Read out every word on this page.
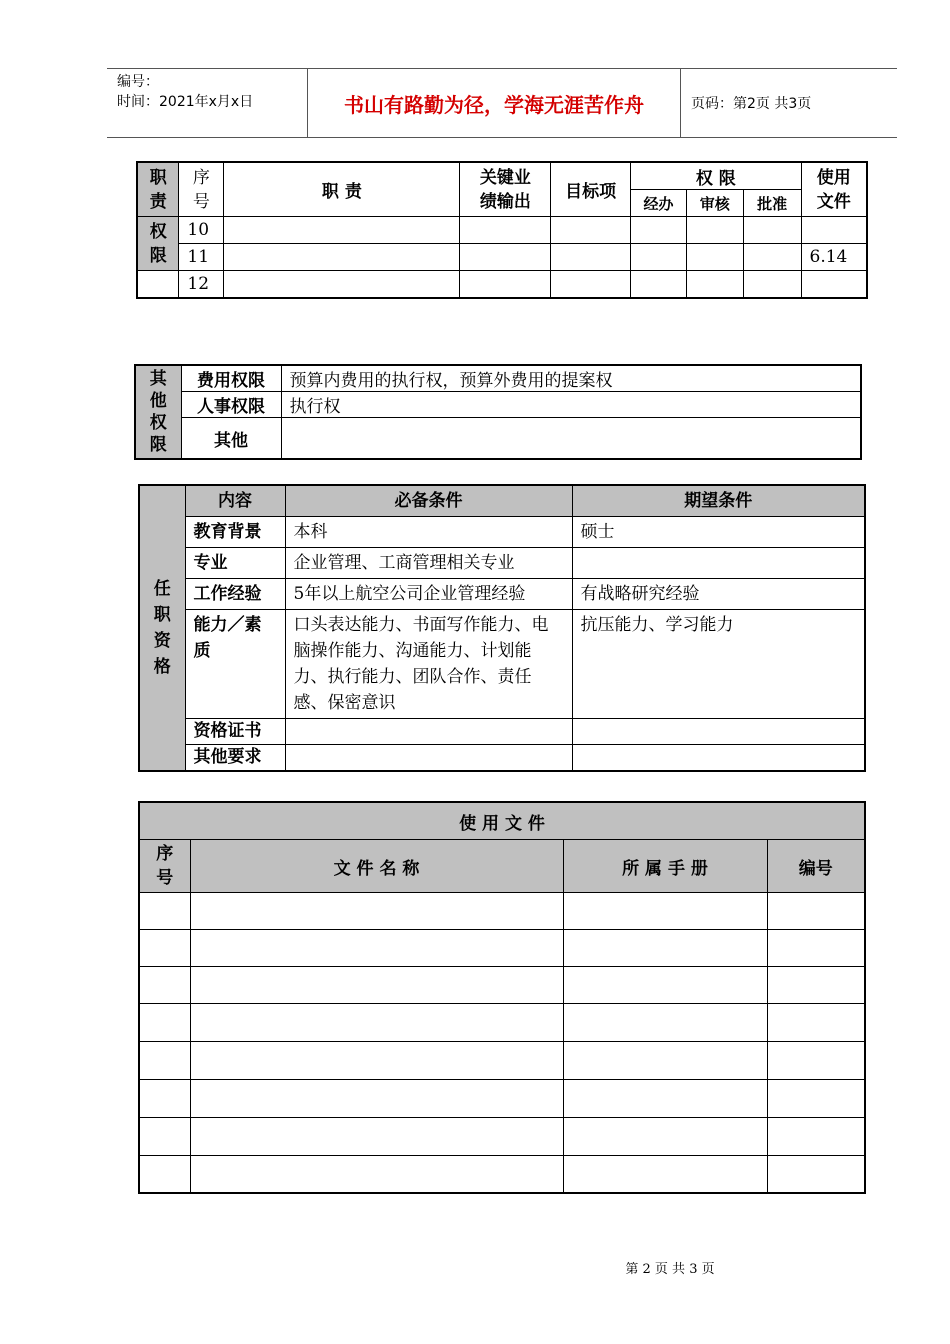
编号：
时间：2021年x月x日	书山有路勤为径，学海无涯苦作舟	页码：第2页 共3页
职责	序号	职 责	关键业绩输出	目标项	权 限			使用文件
					经办	审核	批准	
权限	10							
	11							6.14
	12							
其他权限	费用权限	预算内费用的执行权，预算外费用的提案权
	人事权限	执行权
	其他	
任职资格	内容	必备条件	期望条件
	教育背景	本科	硕士
	专业	企业管理、工商管理相关专业	
	工作经验	5年以上航空公司企业管理经验	有战略研究经验
	能力／素质	口头表达能力、书面写作能力、电脑操作能力、沟通能力、计划能力、执行能力、团队合作、责任感、保密意识	抗压能力、学习能力
	资格证书		
	其他要求		
使 用 文 件			
序号	文 件 名 称	所 属 手 册	编号

第 2 页 共 3 页
